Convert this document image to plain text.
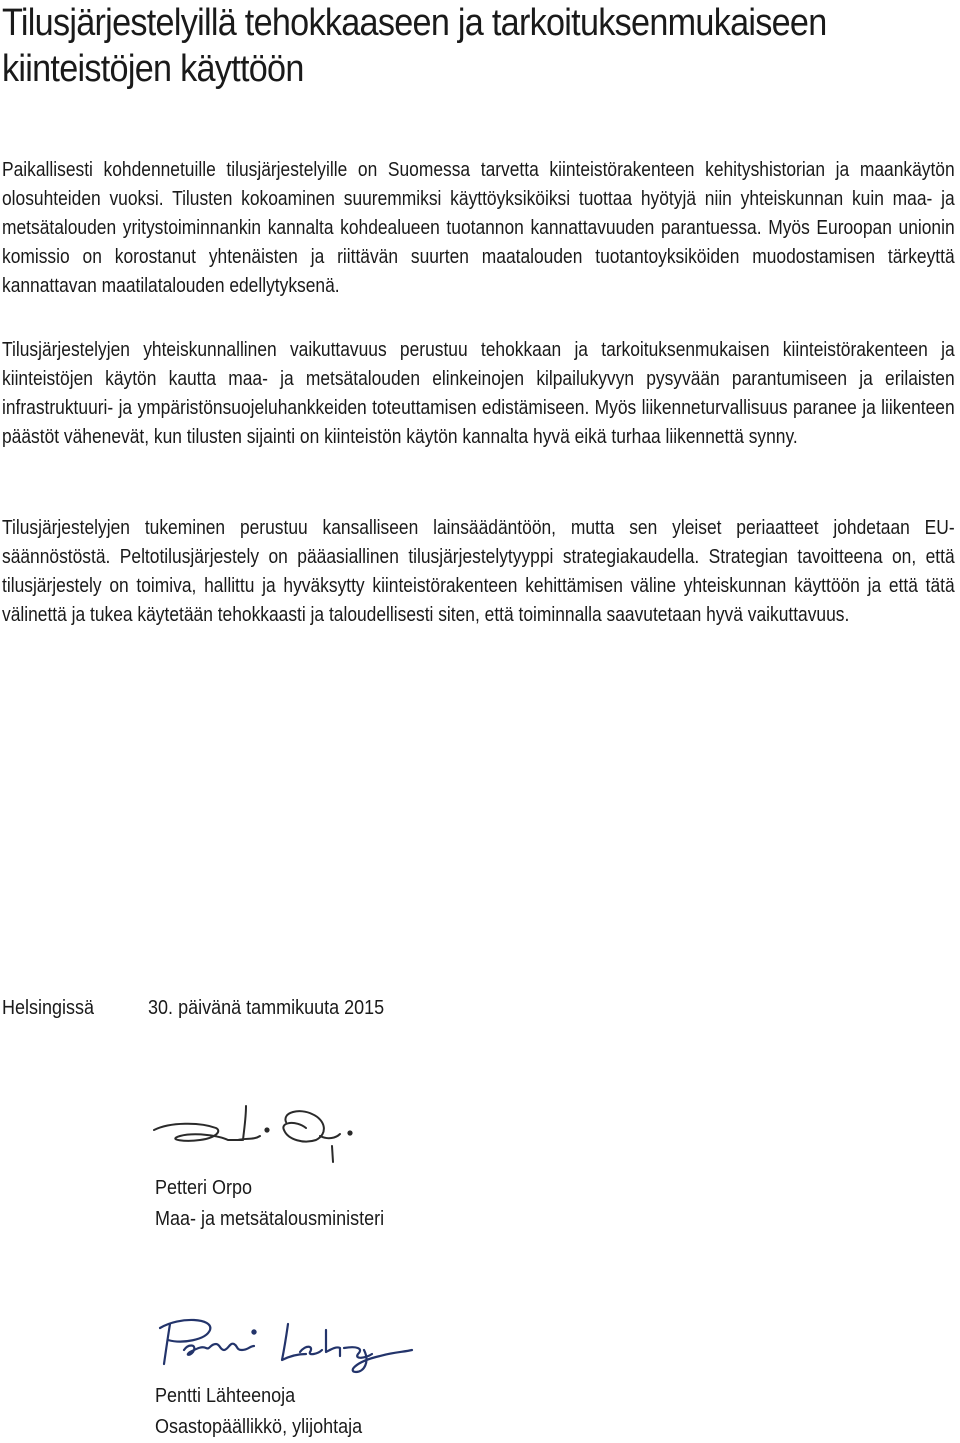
Tilusjärjestelyillä tehokkaaseen ja tarkoituksenmukaiseen kiinteistöjen käyttöön

Paikallisesti kohdennetuille tilusjärjestelyille on Suomessa tarvetta kiinteistörakenteen kehityshistorian ja maankäytön olosuhteiden vuoksi. Tilusten kokoaminen suuremmiksi käyttöyksiköiksi tuottaa hyötyjä niin yhteiskunnan kuin maa- ja metsätalouden yritystoiminnankin kannalta kohdealueen tuotannon kannattavuuden parantuessa. Myös Euroopan unionin komissio on korostanut yhtenäisten ja riittävän suurten maatalouden tuotantoyksiköiden muodostamisen tärkeyttä kannattavan maatilatalouden edellytyksenä.

Tilusjärjestelyjen yhteiskunnallinen vaikuttavuus perustuu tehokkaan ja tarkoituksenmukaisen kiinteistörakenteen ja kiinteistöjen käytön kautta maa- ja metsätalouden elinkeinojen kilpailukyvyn pysyvään parantumiseen ja erilaisten infrastruktuuri- ja ympäristönsuojeluhankkeiden toteuttamisen edistämiseen. Myös liikenneturvallisuus paranee ja liikenteen päästöt vähenevät, kun tilusten sijainti on kiinteistön käytön kannalta hyvä eikä turhaa liikennettä synny.

Tilusjärjestelyjen tukeminen perustuu kansalliseen lainsäädäntöön, mutta sen yleiset periaatteet johdetaan EU-säännöstöstä. Peltotilusjärjestely on pääasiallinen tilusjärjestelytyyppi strategiakaudella. Strategian tavoitteena on, että tilusjärjestely on toimiva, hallittu ja hyväksytty kiinteistörakenteen kehittämisen väline yhteiskunnan käyttöön ja että tätä välinettä ja tukea käytetään tehokkaasti ja taloudellisesti siten, että toiminnalla saavutetaan hyvä vaikuttavuus.

Helsingissä	30. päivänä tammikuuta 2015
Petteri Orpo
Maa- ja metsätalousministeri
Pentti Lähteenoja
Osastopäällikkö, ylijohtaja
